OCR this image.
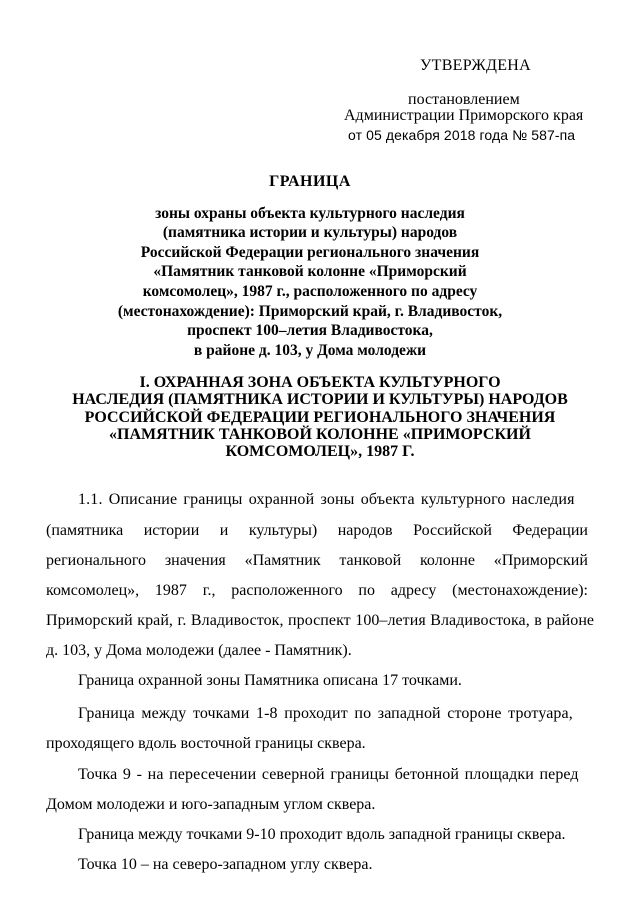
УТВЕРЖДЕНА
постановлением
Администрации Приморского края
от 05 декабря 2018 года № 587-па
ГРАНИЦА
зоны охраны объекта культурного наследия
(памятника истории и культуры) народов
Российской Федерации регионального значения
«Памятник танковой колонне «Приморский
комсомолец», 1987 г., расположенного по адресу
(местонахождение): Приморский край, г. Владивосток,
проспект 100–летия Владивостока,
в районе д. 103, у Дома молодежи
I. ОХРАННАЯ ЗОНА ОБЪЕКТА КУЛЬТУРНОГО
НАСЛЕДИЯ (ПАМЯТНИКА ИСТОРИИ И КУЛЬТУРЫ) НАРОДОВ
РОССИЙСКОЙ ФЕДЕРАЦИИ РЕГИОНАЛЬНОГО ЗНАЧЕНИЯ
«ПАМЯТНИК ТАНКОВОЙ КОЛОННЕ «ПРИМОРСКИЙ
КОМСОМОЛЕЦ», 1987 Г.
1.1. Описание границы охранной зоны объекта культурного наследия
(памятника истории и культуры) народов Российской Федерации
регионального значения «Памятник танковой колонне «Приморский
комсомолец», 1987 г., расположенного по адресу (местонахождение):
Приморский край, г. Владивосток, проспект 100–летия Владивостока, в районе
д. 103, у Дома молодежи (далее - Памятник).
Граница охранной зоны Памятника описана 17 точками.
Граница между точками 1-8 проходит по западной стороне тротуара,
проходящего вдоль восточной границы сквера.
Точка 9 - на пересечении северной границы бетонной площадки перед
Домом молодежи и юго-западным углом сквера.
Граница между точками 9-10 проходит вдоль западной границы сквера.
Точка 10 – на северо-западном углу сквера.
